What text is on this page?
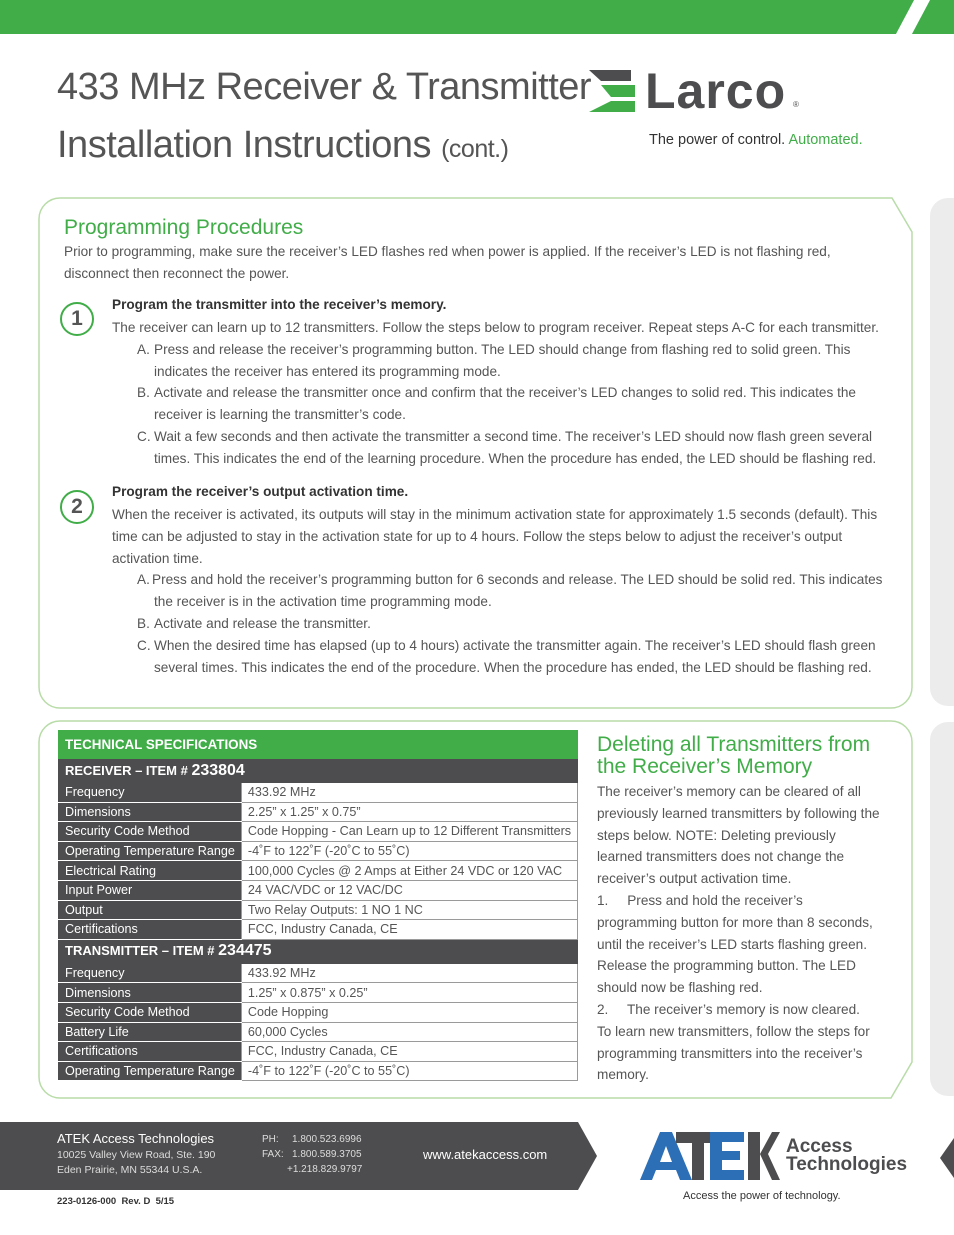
433 MHz Receiver & Transmitter
Installation Instructions (cont.)
Larco ®
The power of control. Automated.
Programming Procedures
Prior to programming, make sure the receiver’s LED flashes red when power is applied. If the receiver’s LED is not flashing red, disconnect then reconnect the power.
1
Program the transmitter into the receiver’s memory.
The receiver can learn up to 12 transmitters. Follow the steps below to program receiver. Repeat steps A-C for each transmitter.
A. Press and release the receiver’s programming button. The LED should change from flashing red to solid green. This indicates the receiver has entered its programming mode.
B. Activate and release the transmitter once and confirm that the receiver’s LED changes to solid red. This indicates the receiver is learning the transmitter’s code.
C. Wait a few seconds and then activate the transmitter a second time. The receiver’s LED should now flash green several times. This indicates the end of the learning procedure. When the procedure has ended, the LED should be flashing red.
2
Program the receiver’s output activation time.
When the receiver is activated, its outputs will stay in the minimum activation state for approximately 1.5 seconds (default). This time can be adjusted to stay in the activation state for up to 4 hours. Follow the steps below to adjust the receiver’s output activation time.
A. Press and hold the receiver’s programming button for 6 seconds and release. The LED should be solid red. This indicates the receiver is in the activation time programming mode.
B. Activate and release the transmitter.
C. When the desired time has elapsed (up to 4 hours) activate the transmitter again. The receiver’s LED should flash green several times. This indicates the end of the procedure. When the procedure has ended, the LED should be flashing red.
TECHNICAL SPECIFICATIONS	
RECEIVER – ITEM # 233804	
Frequency	433.92 MHz
Dimensions	2.25” x 1.25” x 0.75”
Security Code Method	Code Hopping - Can Learn up to 12 Different Transmitters
Operating Temperature Range	-4˚F to 122˚F (-20˚C to 55˚C)
Electrical Rating	100,000 Cycles @ 2 Amps at Either 24 VDC or 120 VAC
Input Power	24 VAC/VDC or 12 VAC/DC
Output	Two Relay Outputs: 1 NO 1 NC
Certifications	FCC, Industry Canada, CE
TRANSMITTER – ITEM # 234475	
Frequency	433.92 MHz
Dimensions	1.25” x 0.875” x 0.25”
Security Code Method	Code Hopping
Battery Life	60,000 Cycles
Certifications	FCC, Industry Canada, CE
Operating Temperature Range	-4˚F to 122˚F (-20˚C to 55˚C)
Deleting all Transmitters from the Receiver’s Memory
The receiver’s memory can be cleared of all previously learned transmitters by following the steps below. NOTE: Deleting previously learned transmitters does not change the receiver’s output activation time.
1.     Press and hold the receiver’s programming button for more than 8 seconds, until the receiver’s LED starts flashing green. Release the programming button. The LED should now be flashing red.
2.     The receiver’s memory is now cleared.
To learn new transmitters, follow the steps for programming transmitters into the receiver’s memory.
ATEK Access Technologies
10025 Valley View Road, Ste. 190
Eden Prairie, MN 55344 U.S.A.
PH: 1.800.523.6996
FAX: 1.800.589.3705
+1.218.829.9797
www.atekaccess.com	Access
Technologies
Access the power of technology.
223-0126-000  Rev. D  5/15
